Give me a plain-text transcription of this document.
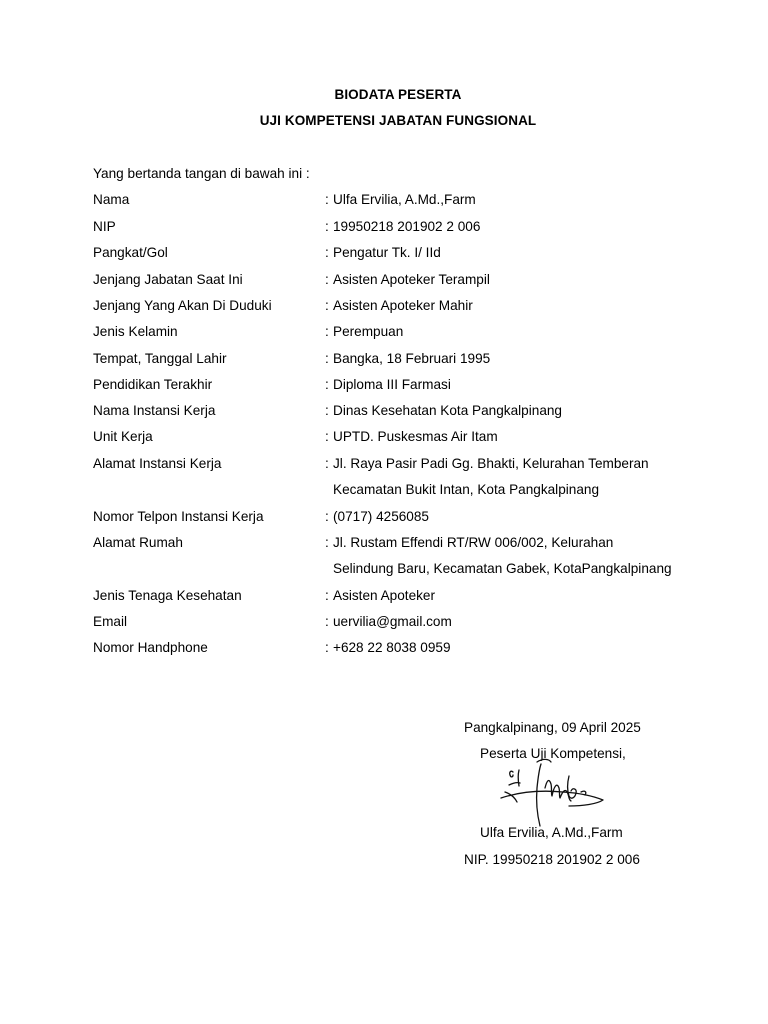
BIODATA PESERTA
UJI KOMPETENSI JABATAN FUNGSIONAL
Yang bertanda tangan di bawah ini :
Nama	: Ulfa Ervilia, A.Md.,Farm
NIP	: 19950218 201902 2 006
Pangkat/Gol	: Pengatur Tk. I/ IId
Jenjang Jabatan Saat Ini	: Asisten Apoteker Terampil
Jenjang Yang Akan Di Duduki	: Asisten Apoteker Mahir
Jenis Kelamin	: Perempuan
Tempat, Tanggal Lahir	: Bangka, 18 Februari 1995
Pendidikan Terakhir	: Diploma III Farmasi
Nama Instansi Kerja	: Dinas Kesehatan Kota Pangkalpinang
Unit Kerja	: UPTD. Puskesmas Air Itam
Alamat Instansi Kerja	: Jl. Raya Pasir Padi Gg. Bhakti, Kelurahan Temberan
Kecamatan Bukit Intan, Kota Pangkalpinang
Nomor Telpon Instansi Kerja	: (0717) 4256085
Alamat Rumah	: Jl. Rustam Effendi RT/RW 006/002, Kelurahan
Selindung Baru, Kecamatan Gabek, KotaPangkalpinang
Jenis Tenaga Kesehatan	: Asisten Apoteker
Email	: uervilia@gmail.com
Nomor Handphone	: +628 22 8038 0959
Pangkalpinang, 09 April 2025
Peserta Uji Kompetensi,
Ulfa Ervilia, A.Md.,Farm
NIP. 19950218 201902 2 006
